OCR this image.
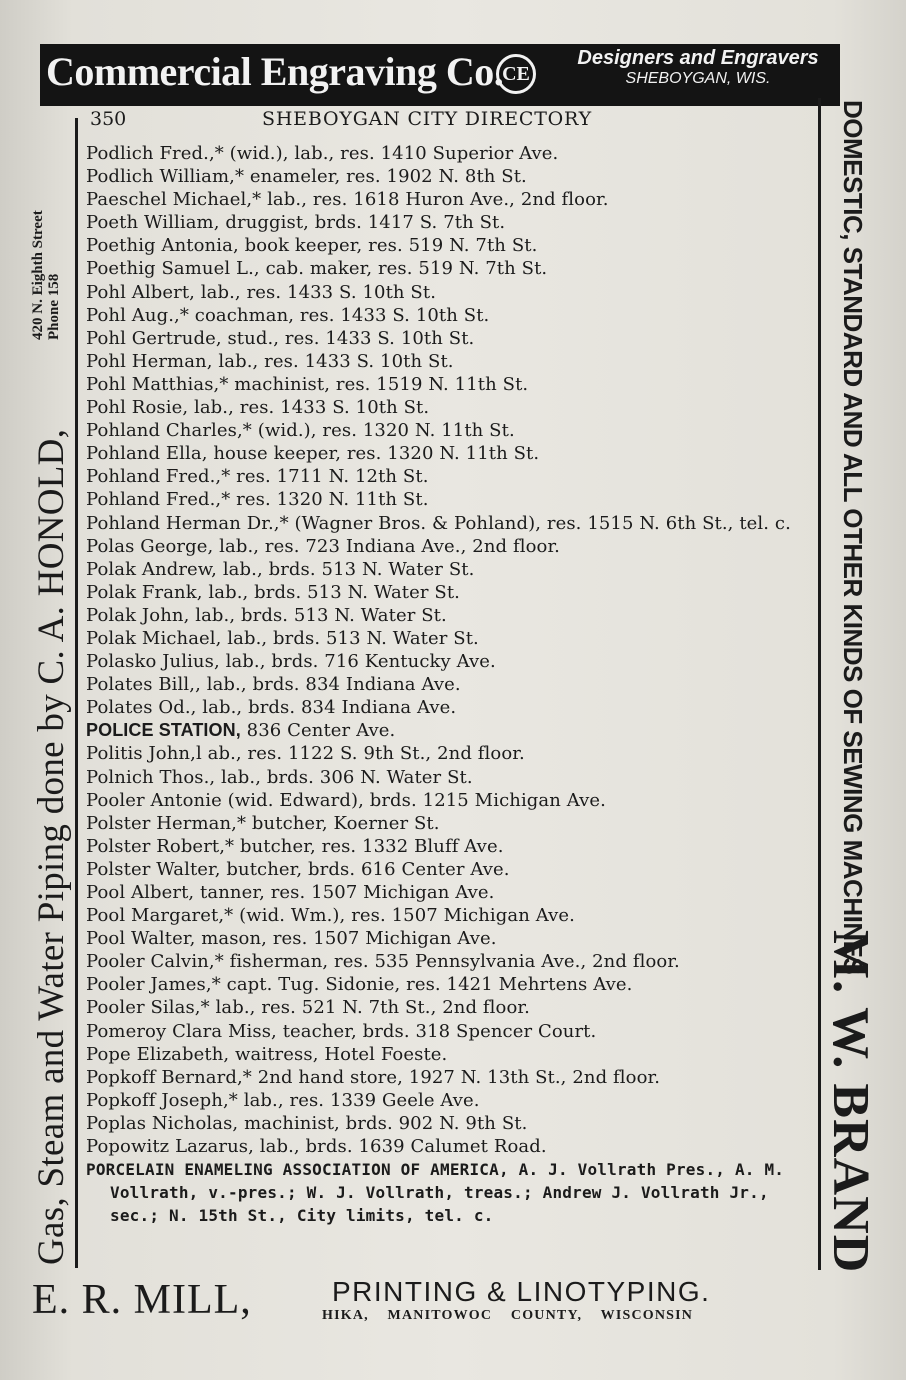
Commercial Engraving Co.
CE
Designers and Engravers
SHEBOYGAN, WIS.
Gas, Steam and Water Piping done by C. A. HONOLD,
420 N. Eighth Street Phone 158	DOMESTIC, STANDARD AND ALL OTHER KINDS OF SEWING MACHINES
M. W. BRAND
350	SHEBOYGAN CITY DIRECTORY
Podlich Fred.,* (wid.), lab., res. 1410 Superior Ave.
Podlich William,* enameler, res. 1902 N. 8th St.
Paeschel Michael,* lab., res. 1618 Huron Ave., 2nd floor.
Poeth William, druggist, brds. 1417 S. 7th St.
Poethig Antonia, book keeper, res. 519 N. 7th St.
Poethig Samuel L., cab. maker, res. 519 N. 7th St.
Pohl Albert, lab., res. 1433 S. 10th St.
Pohl Aug.,* coachman, res. 1433 S. 10th St.
Pohl Gertrude, stud., res. 1433 S. 10th St.
Pohl Herman, lab., res. 1433 S. 10th St.
Pohl Matthias,* machinist, res. 1519 N. 11th St.
Pohl Rosie, lab., res. 1433 S. 10th St.
Pohland Charles,* (wid.), res. 1320 N. 11th St.
Pohland Ella, house keeper, res. 1320 N. 11th St.
Pohland Fred.,* res. 1711 N. 12th St.
Pohland Fred.,* res. 1320 N. 11th St.
Pohland Herman Dr.,* (Wagner Bros. & Pohland), res. 1515 N. 6th St., tel. c.
Polas George, lab., res. 723 Indiana Ave., 2nd floor.
Polak Andrew, lab., brds. 513 N. Water St.
Polak Frank, lab., brds. 513 N. Water St.
Polak John, lab., brds. 513 N. Water St.
Polak Michael, lab., brds. 513 N. Water St.
Polasko Julius, lab., brds. 716 Kentucky Ave.
Polates Bill,, lab., brds. 834 Indiana Ave.
Polates Od., lab., brds. 834 Indiana Ave.
POLICE STATION, 836 Center Ave.
Politis John,l ab., res. 1122 S. 9th St., 2nd floor.
Polnich Thos., lab., brds. 306 N. Water St.
Pooler Antonie (wid. Edward), brds. 1215 Michigan Ave.
Polster Herman,* butcher, Koerner St.
Polster Robert,* butcher, res. 1332 Bluff Ave.
Polster Walter, butcher, brds. 616 Center Ave.
Pool Albert, tanner, res. 1507 Michigan Ave.
Pool Margaret,* (wid. Wm.), res. 1507 Michigan Ave.
Pool Walter, mason, res. 1507 Michigan Ave.
Pooler Calvin,* fisherman, res. 535 Pennsylvania Ave., 2nd floor.
Pooler James,* capt. Tug. Sidonie, res. 1421 Mehrtens Ave.
Pooler Silas,* lab., res. 521 N. 7th St., 2nd floor.
Pomeroy Clara Miss, teacher, brds. 318 Spencer Court.
Pope Elizabeth, waitress, Hotel Foeste.
Popkoff Bernard,* 2nd hand store, 1927 N. 13th St., 2nd floor.
Popkoff Joseph,* lab., res. 1339 Geele Ave.
Poplas Nicholas, machinist, brds. 902 N. 9th St.
Popowitz Lazarus, lab., brds. 1639 Calumet Road.
PORCELAIN ENAMELING ASSOCIATION OF AMERICA, A. J. Vollrath Pres., A. M. Vollrath, v.-pres.; W. J. Vollrath, treas.; Andrew J. Vollrath Jr., sec.; N. 15th St., City limits, tel. c.
E. R. MILL,	PRINTING & LINOTYPING.
HIKA, MANITOWOC COUNTY, WISCONSIN
